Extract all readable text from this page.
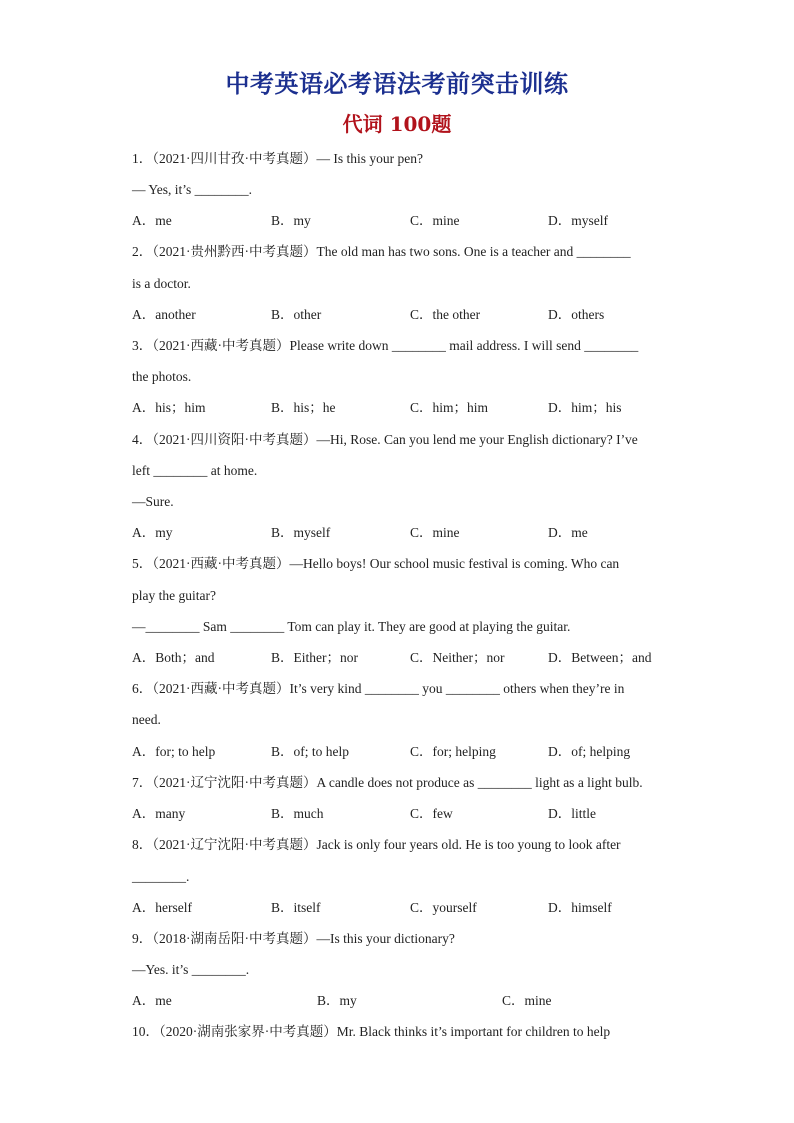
中考英语必考语法考前突击训练
代词 100题
1．（2021·四川甘孜·中考真题）— Is this your pen?
— Yes, it’s ________.
A．me	B．my	C．mine	D．myself
2．（2021·贵州黔西·中考真题）The old man has two sons. One is a teacher and ________
is a doctor.
A．another	B．other	C．the other	D．others
3．（2021·西藏·中考真题）Please write down ________ mail address. I will send ________
the photos.
A．his；him	B．his；he	C．him；him	D．him；his
4．（2021·四川资阳·中考真题）—Hi, Rose. Can you lend me your English dictionary? I’ve
left ________ at home.
—Sure.
A．my	B．myself	C．mine	D．me
5．（2021·西藏·中考真题）—Hello boys! Our school music festival is coming. Who can
play the guitar?
—________ Sam ________ Tom can play it. They are good at playing the guitar.
A．Both；and	B．Either；nor	C．Neither；nor	D．Between；and
6．（2021·西藏·中考真题）It’s very kind ________ you ________ others when they’re in
need.
A．for; to help	B．of; to help	C．for; helping	D．of; helping
7．（2021·辽宁沈阳·中考真题）A candle does not produce as ________ light as a light bulb.
A．many	B．much	C．few	D．little
8．（2021·辽宁沈阳·中考真题）Jack is only four years old. He is too young to look after
________.
A．herself	B．itself	C．yourself	D．himself
9．（2018·湖南岳阳·中考真题）—Is this your dictionary?
—Yes. it’s ________.
A．me	B．my	C．mine
10．（2020·湖南张家界·中考真题）Mr. Black thinks it’s important for children to help
